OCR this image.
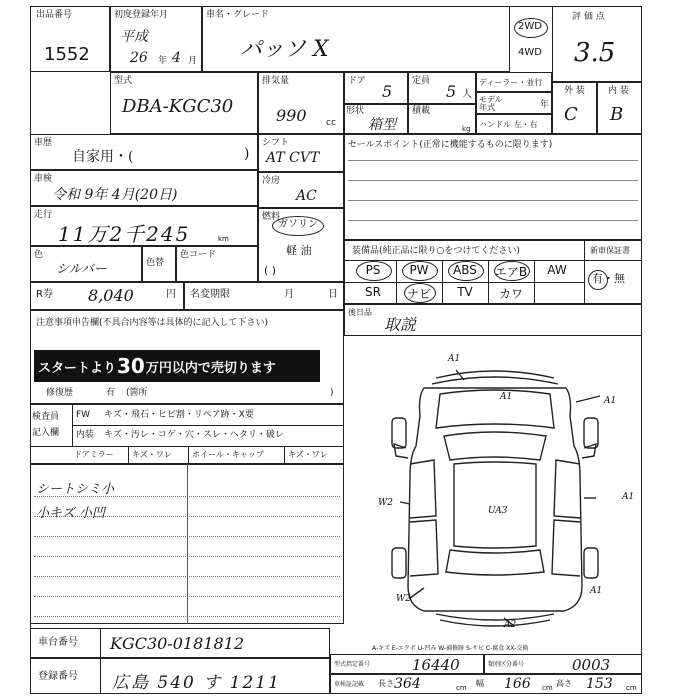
出品番号
1552
初度登録年月
平成
26 年 4 月
車名・グレード
パッソ X
2WD
4WD
評 価 点
3.5
型式
DBA-KGC30
排気量
990 cc
ドア
5
定員
5 人
形状
箱型
積載
kg
ディーラー・並行
モデル年式	年
ハンドル 左・右
外 装
C
内 装
B
車歴
自家用・(	)
車検
令和 9年 4月(20日)
走行
11万2千245	km
色
シルバー	色替
色コード
シフト
AT CVT
冷房
AC
燃料
ガソリン
軽 油
( )
R券 8,040	円 名変期限	月	日
セールスポイント(正常に機能するものに限ります)
装備品(純正品に限り○をつけてください)	新車保証書
有・無
後日品
取説
注意事項申告欄(不具合内容等は具体的に記入して下さい)
スタートより 30 万円以内で売切ります
修復歴	有 (箇所	)
検査員
記入欄
FW キズ・飛石・ヒビ割・リペア跡・X要
内装 キズ・汚レ・コゲ・穴・スレ・ヘタリ・破レ
ドアミラー キズ・ワレ	ホイール・キャップ	キズ・ワレ
シートシミ小
小キズ 小凹
A-キズ E-エクボ U-凹み W-補修跡 S-サビ C-腐食 XX-交換
車台番号 KGC30-0181812
登録番号 広島 540 す 1211
型式指定番号	16440	類別区分番号	0003
車検証記載 長さ 364	cm 幅 166 cm 高さ 153 cm
PS	PW	ABS	エアB	AW
SR	ナビ	TV	カワ
A1
A1	A1
A1
A1
W2
UA3
W2
A2
